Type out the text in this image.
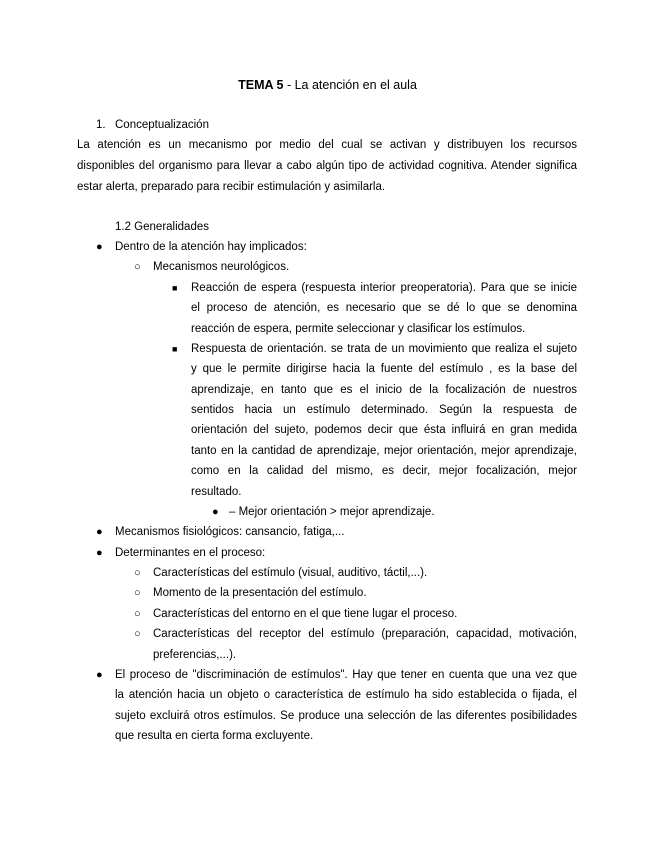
TEMA 5 - La atención en el aula
1. Conceptualización
La atención es un mecanismo por medio del cual se activan y distribuyen los recursos
disponibles del organismo para llevar a cabo algún tipo de actividad cognitiva. Atender significa
estar alerta, preparado para recibir estimulación y asimilarla.
1.2 Generalidades
● Dentro de la atención hay implicados:
○ Mecanismos neurológicos.
■ Reacción de espera (respuesta interior preoperatoria). Para que se inicie
el proceso de atención, es necesario que se dé lo que se denomina
reacción de espera, permite seleccionar y clasificar los estímulos.
■ Respuesta de orientación. se trata de un movimiento que realiza el sujeto
y que le permite dirigirse hacia la fuente del estímulo , es la base del
aprendizaje, en tanto que es el inicio de la focalización de nuestros
sentidos hacia un estímulo determinado. Según la respuesta de
orientación del sujeto, podemos decir que ésta influirá en gran medida
tanto en la cantidad de aprendizaje, mejor orientación, mejor aprendizaje,
como en la calidad del mismo, es decir, mejor focalización, mejor
resultado.
● – Mejor orientación > mejor aprendizaje.
● Mecanismos fisiológicos: cansancio, fatiga,...
● Determinantes en el proceso:
○ Características del estímulo (visual, auditivo, táctil,...).
○ Momento de la presentación del estímulo.
○ Características del entorno en el que tiene lugar el proceso.
○ Características del receptor del estímulo (preparación, capacidad, motivación,
preferencias,...).
● El proceso de "discriminación de estímulos". Hay que tener en cuenta que una vez que
la atención hacia un objeto o característica de estímulo ha sido establecida o fijada, el
sujeto excluirá otros estímulos. Se produce una selección de las diferentes posibilidades
que resulta en cierta forma excluyente.
